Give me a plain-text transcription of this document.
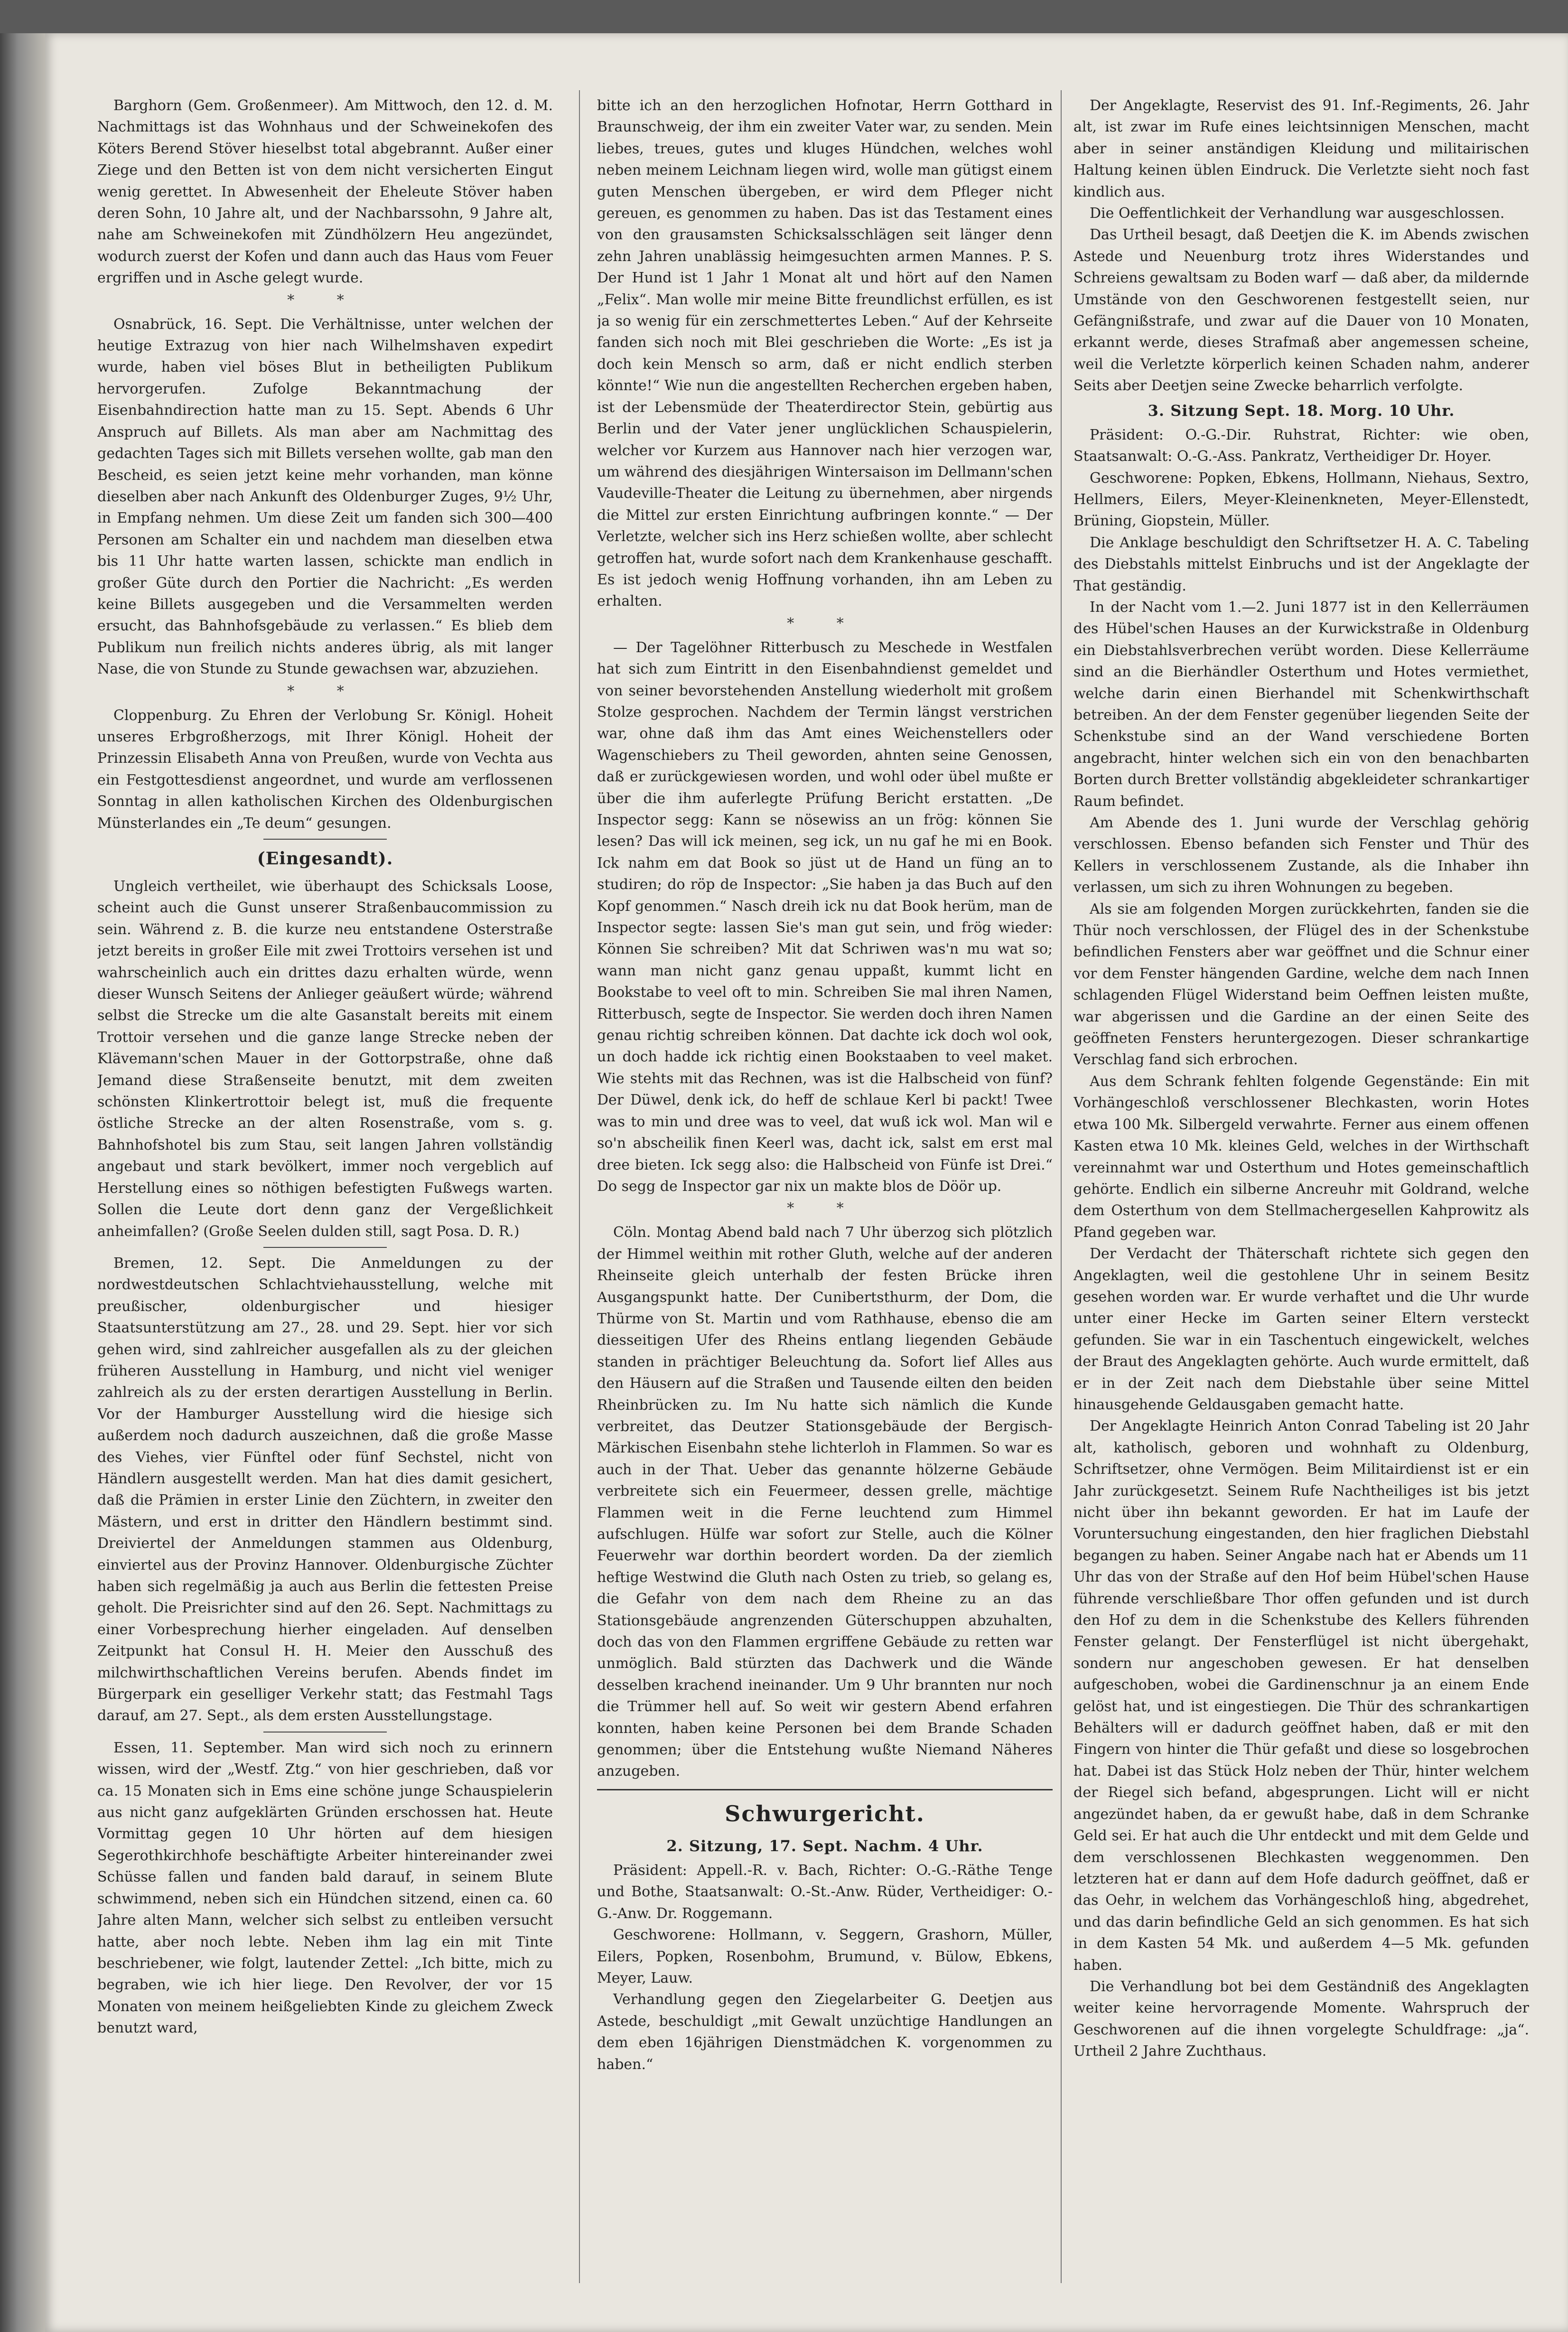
Barghorn (Gem. Großenmeer). Am Mittwoch, den 12. d. M. Nachmittags ist das Wohnhaus und der Schweinekofen des Köters Berend Stöver hieselbst total abgebrannt. Außer einer Ziege und den Betten ist von dem nicht versicherten Eingut wenig gerettet. In Abwesenheit der Eheleute Stöver haben deren Sohn, 10 Jahre alt, und der Nachbarssohn, 9 Jahre alt, nahe am Schweinekofen mit Zündhölzern Heu angezündet, wodurch zuerst der Kofen und dann auch das Haus vom Feuer ergriffen und in Asche gelegt wurde.

* *

Osnabrück, 16. Sept. Die Verhältnisse, unter welchen der heutige Extrazug von hier nach Wilhelmshaven expedirt wurde, haben viel böses Blut in betheiligten Publikum hervorgerufen. Zufolge Bekanntmachung der Eisenbahndirection hatte man zu 15. Sept. Abends 6 Uhr Anspruch auf Billets. Als man aber am Nachmittag des gedachten Tages sich mit Billets versehen wollte, gab man den Bescheid, es seien jetzt keine mehr vorhanden, man könne dieselben aber nach Ankunft des Oldenburger Zuges, 9½ Uhr, in Empfang nehmen. Um diese Zeit um fanden sich 300—400 Personen am Schalter ein und nachdem man dieselben etwa bis 11 Uhr hatte warten lassen, schickte man endlich in großer Güte durch den Portier die Nachricht: „Es werden keine Billets ausgegeben und die Versammelten werden ersucht, das Bahnhofsgebäude zu verlassen.“ Es blieb dem Publikum nun freilich nichts anderes übrig, als mit langer Nase, die von Stunde zu Stunde gewachsen war, abzuziehen.

* *

Cloppenburg. Zu Ehren der Verlobung Sr. Königl. Hoheit unseres Erbgroßherzogs, mit Ihrer Königl. Hoheit der Prinzessin Elisabeth Anna von Preußen, wurde von Vechta aus ein Festgottesdienst angeordnet, und wurde am verflossenen Sonntag in allen katholischen Kirchen des Oldenburgischen Münsterlandes ein „Te deum“ gesungen.

(Eingesandt).

Ungleich vertheilet, wie überhaupt des Schicksals Loose, scheint auch die Gunst unserer Straßenbaucommission zu sein. Während z. B. die kurze neu entstandene Osterstraße jetzt bereits in großer Eile mit zwei Trottoirs versehen ist und wahrscheinlich auch ein drittes dazu erhalten würde, wenn dieser Wunsch Seitens der Anlieger geäußert würde; während selbst die Strecke um die alte Gasanstalt bereits mit einem Trottoir versehen und die ganze lange Strecke neben der Klävemann'schen Mauer in der Gottorpstraße, ohne daß Jemand diese Straßenseite benutzt, mit dem zweiten schönsten Klinkertrottoir belegt ist, muß die frequente östliche Strecke an der alten Rosenstraße, vom s. g. Bahnhofshotel bis zum Stau, seit langen Jahren vollständig angebaut und stark bevölkert, immer noch vergeblich auf Herstellung eines so nöthigen befestigten Fußwegs warten. Sollen die Leute dort denn ganz der Vergeßlichkeit anheimfallen? (Große Seelen dulden still, sagt Posa. D. R.)

Bremen, 12. Sept. Die Anmeldungen zu der nordwestdeutschen Schlachtviehausstellung, welche mit preußischer, oldenburgischer und hiesiger Staatsunterstützung am 27., 28. und 29. Sept. hier vor sich gehen wird, sind zahlreicher ausgefallen als zu der gleichen früheren Ausstellung in Hamburg, und nicht viel weniger zahlreich als zu der ersten derartigen Ausstellung in Berlin. Vor der Hamburger Ausstellung wird die hiesige sich außerdem noch dadurch auszeichnen, daß die große Masse des Viehes, vier Fünftel oder fünf Sechstel, nicht von Händlern ausgestellt werden. Man hat dies damit gesichert, daß die Prämien in erster Linie den Züchtern, in zweiter den Mästern, und erst in dritter den Händlern bestimmt sind. Dreiviertel der Anmeldungen stammen aus Oldenburg, einviertel aus der Provinz Hannover. Oldenburgische Züchter haben sich regelmäßig ja auch aus Berlin die fettesten Preise geholt. Die Preisrichter sind auf den 26. Sept. Nachmittags zu einer Vorbesprechung hierher eingeladen. Auf denselben Zeitpunkt hat Consul H. H. Meier den Ausschuß des milchwirthschaftlichen Vereins berufen. Abends findet im Bürgerpark ein geselliger Verkehr statt; das Festmahl Tags darauf, am 27. Sept., als dem ersten Ausstellungstage.

Essen, 11. September. Man wird sich noch zu erinnern wissen, wird der „Westf. Ztg.“ von hier geschrieben, daß vor ca. 15 Monaten sich in Ems eine schöne junge Schauspielerin aus nicht ganz aufgeklärten Gründen erschossen hat. Heute Vormittag gegen 10 Uhr hörten auf dem hiesigen Segerothkirchhofe beschäftigte Arbeiter hintereinander zwei Schüsse fallen und fanden bald darauf, in seinem Blute schwimmend, neben sich ein Hündchen sitzend, einen ca. 60 Jahre alten Mann, welcher sich selbst zu entleiben versucht hatte, aber noch lebte. Neben ihm lag ein mit Tinte beschriebener, wie folgt, lautender Zettel: „Ich bitte, mich zu begraben, wie ich hier liege. Den Revolver, der vor 15 Monaten von meinem heißgeliebten Kinde zu gleichem Zweck benutzt ward,

bitte ich an den herzoglichen Hofnotar, Herrn Gotthard in Braunschweig, der ihm ein zweiter Vater war, zu senden. Mein liebes, treues, gutes und kluges Hündchen, welches wohl neben meinem Leichnam liegen wird, wolle man gütigst einem guten Menschen übergeben, er wird dem Pfleger nicht gereuen, es genommen zu haben. Das ist das Testament eines von den grausamsten Schicksalsschlägen seit länger denn zehn Jahren unablässig heimgesuchten armen Mannes. P. S. Der Hund ist 1 Jahr 1 Monat alt und hört auf den Namen „Felix“. Man wolle mir meine Bitte freundlichst erfüllen, es ist ja so wenig für ein zerschmettertes Leben.“ Auf der Kehrseite fanden sich noch mit Blei geschrieben die Worte: „Es ist ja doch kein Mensch so arm, daß er nicht endlich sterben könnte!“ Wie nun die angestellten Recherchen ergeben haben, ist der Lebensmüde der Theaterdirector Stein, gebürtig aus Berlin und der Vater jener unglücklichen Schauspielerin, welcher vor Kurzem aus Hannover nach hier verzogen war, um während des diesjährigen Wintersaison im Dellmann'schen Vaudeville-Theater die Leitung zu übernehmen, aber nirgends die Mittel zur ersten Einrichtung aufbringen konnte.“ — Der Verletzte, welcher sich ins Herz schießen wollte, aber schlecht getroffen hat, wurde sofort nach dem Krankenhause geschafft. Es ist jedoch wenig Hoffnung vorhanden, ihn am Leben zu erhalten.

* *

— Der Tagelöhner Ritterbusch zu Meschede in Westfalen hat sich zum Eintritt in den Eisenbahndienst gemeldet und von seiner bevorstehenden Anstellung wiederholt mit großem Stolze gesprochen. Nachdem der Termin längst verstrichen war, ohne daß ihm das Amt eines Weichenstellers oder Wagenschiebers zu Theil geworden, ahnten seine Genossen, daß er zurückgewiesen worden, und wohl oder übel mußte er über die ihm auferlegte Prüfung Bericht erstatten. „De Inspector segg: Kann se nösewiss an un frög: können Sie lesen? Das will ick meinen, seg ick, un nu gaf he mi en Book. Ick nahm em dat Book so jüst ut de Hand un füng an to studiren; do röp de Inspector: „Sie haben ja das Buch auf den Kopf genommen.“ Nasch dreih ick nu dat Book herüm, man de Inspector segte: lassen Sie's man gut sein, und frög wieder: Können Sie schreiben? Mit dat Schriwen was'n mu wat so; wann man nicht ganz genau uppaßt, kummt licht en Bookstabe to veel oft to min. Schreiben Sie mal ihren Namen, Ritterbusch, segte de Inspector. Sie werden doch ihren Namen genau richtig schreiben können. Dat dachte ick doch wol ook, un doch hadde ick richtig einen Bookstaaben to veel maket. Wie stehts mit das Rechnen, was ist die Halbscheid von fünf? Der Düwel, denk ick, do heff de schlaue Kerl bi packt! Twee was to min und dree was to veel, dat wuß ick wol. Man wil e so'n abscheilik finen Keerl was, dacht ick, salst em erst mal dree bieten. Ick segg also: die Halbscheid von Fünfe ist Drei.“ Do segg de Inspector gar nix un makte blos de Döör up.

* *

Cöln. Montag Abend bald nach 7 Uhr überzog sich plötzlich der Himmel weithin mit rother Gluth, welche auf der anderen Rheinseite gleich unterhalb der festen Brücke ihren Ausgangspunkt hatte. Der Cunibertsthurm, der Dom, die Thürme von St. Martin und vom Rathhause, ebenso die am diesseitigen Ufer des Rheins entlang liegenden Gebäude standen in prächtiger Beleuchtung da. Sofort lief Alles aus den Häusern auf die Straßen und Tausende eilten den beiden Rheinbrücken zu. Im Nu hatte sich nämlich die Kunde verbreitet, das Deutzer Stationsgebäude der Bergisch-Märkischen Eisenbahn stehe lichterloh in Flammen. So war es auch in der That. Ueber das genannte hölzerne Gebäude verbreitete sich ein Feuermeer, dessen grelle, mächtige Flammen weit in die Ferne leuchtend zum Himmel aufschlugen. Hülfe war sofort zur Stelle, auch die Kölner Feuerwehr war dorthin beordert worden. Da der ziemlich heftige Westwind die Gluth nach Osten zu trieb, so gelang es, die Gefahr von dem nach dem Rheine zu an das Stationsgebäude angrenzenden Güterschuppen abzuhalten, doch das von den Flammen ergriffene Gebäude zu retten war unmöglich. Bald stürzten das Dachwerk und die Wände desselben krachend ineinander. Um 9 Uhr brannten nur noch die Trümmer hell auf. So weit wir gestern Abend erfahren konnten, haben keine Personen bei dem Brande Schaden genommen; über die Entstehung wußte Niemand Näheres anzugeben.

Schwurgericht.
2. Sitzung, 17. Sept. Nachm. 4 Uhr.

Präsident: Appell.-R. v. Bach, Richter: O.-G.-Räthe Tenge und Bothe, Staatsanwalt: O.-St.-Anw. Rüder, Vertheidiger: O.-G.-Anw. Dr. Roggemann.

Geschworene: Hollmann, v. Seggern, Grashorn, Müller, Eilers, Popken, Rosenbohm, Brumund, v. Bülow, Ebkens, Meyer, Lauw.

Verhandlung gegen den Ziegelarbeiter G. Deetjen aus Astede, beschuldigt „mit Gewalt unzüchtige Handlungen an dem eben 16jährigen Dienstmädchen K. vorgenommen zu haben.“

Der Angeklagte, Reservist des 91. Inf.-Regiments, 26. Jahr alt, ist zwar im Rufe eines leichtsinnigen Menschen, macht aber in seiner anständigen Kleidung und militairischen Haltung keinen üblen Eindruck. Die Verletzte sieht noch fast kindlich aus.

Die Oeffentlichkeit der Verhandlung war ausgeschlossen.

Das Urtheil besagt, daß Deetjen die K. im Abends zwischen Astede und Neuenburg trotz ihres Widerstandes und Schreiens gewaltsam zu Boden warf — daß aber, da mildernde Umstände von den Geschworenen festgestellt seien, nur Gefängnißstrafe, und zwar auf die Dauer von 10 Monaten, erkannt werde, dieses Strafmaß aber angemessen scheine, weil die Verletzte körperlich keinen Schaden nahm, anderer Seits aber Deetjen seine Zwecke beharrlich verfolgte.

3. Sitzung Sept. 18. Morg. 10 Uhr.

Präsident: O.-G.-Dir. Ruhstrat, Richter: wie oben, Staatsanwalt: O.-G.-Ass. Pankratz, Vertheidiger Dr. Hoyer.

Geschworene: Popken, Ebkens, Hollmann, Niehaus, Sextro, Hellmers, Eilers, Meyer-Kleinenkneten, Meyer-Ellenstedt, Brüning, Giopstein, Müller.

Die Anklage beschuldigt den Schriftsetzer H. A. C. Tabeling des Diebstahls mittelst Einbruchs und ist der Angeklagte der That geständig.

In der Nacht vom 1.—2. Juni 1877 ist in den Kellerräumen des Hübel'schen Hauses an der Kurwickstraße in Oldenburg ein Diebstahlsverbrechen verübt worden. Diese Kellerräume sind an die Bierhändler Osterthum und Hotes vermiethet, welche darin einen Bierhandel mit Schenkwirthschaft betreiben. An der dem Fenster gegenüber liegenden Seite der Schenkstube sind an der Wand verschiedene Borten angebracht, hinter welchen sich ein von den benachbarten Borten durch Bretter vollständig abgekleideter schrankartiger Raum befindet.

Am Abende des 1. Juni wurde der Verschlag gehörig verschlossen. Ebenso befanden sich Fenster und Thür des Kellers in verschlossenem Zustande, als die Inhaber ihn verlassen, um sich zu ihren Wohnungen zu begeben.

Als sie am folgenden Morgen zurückkehrten, fanden sie die Thür noch verschlossen, der Flügel des in der Schenkstube befindlichen Fensters aber war geöffnet und die Schnur einer vor dem Fenster hängenden Gardine, welche dem nach Innen schlagenden Flügel Widerstand beim Oeffnen leisten mußte, war abgerissen und die Gardine an der einen Seite des geöffneten Fensters heruntergezogen. Dieser schrankartige Verschlag fand sich erbrochen.

Aus dem Schrank fehlten folgende Gegenstände: Ein mit Vorhängeschloß verschlossener Blechkasten, worin Hotes etwa 100 Mk. Silbergeld verwahrte. Ferner aus einem offenen Kasten etwa 10 Mk. kleines Geld, welches in der Wirthschaft vereinnahmt war und Osterthum und Hotes gemeinschaftlich gehörte. Endlich ein silberne Ancreuhr mit Goldrand, welche dem Osterthum von dem Stellmachergesellen Kahprowitz als Pfand gegeben war.

Der Verdacht der Thäterschaft richtete sich gegen den Angeklagten, weil die gestohlene Uhr in seinem Besitz gesehen worden war. Er wurde verhaftet und die Uhr wurde unter einer Hecke im Garten seiner Eltern versteckt gefunden. Sie war in ein Taschentuch eingewickelt, welches der Braut des Angeklagten gehörte. Auch wurde ermittelt, daß er in der Zeit nach dem Diebstahle über seine Mittel hinausgehende Geldausgaben gemacht hatte.

Der Angeklagte Heinrich Anton Conrad Tabeling ist 20 Jahr alt, katholisch, geboren und wohnhaft zu Oldenburg, Schriftsetzer, ohne Vermögen. Beim Militairdienst ist er ein Jahr zurückgesetzt. Seinem Rufe Nachtheiliges ist bis jetzt nicht über ihn bekannt geworden. Er hat im Laufe der Voruntersuchung eingestanden, den hier fraglichen Diebstahl begangen zu haben. Seiner Angabe nach hat er Abends um 11 Uhr das von der Straße auf den Hof beim Hübel'schen Hause führende verschließbare Thor offen gefunden und ist durch den Hof zu dem in die Schenkstube des Kellers führenden Fenster gelangt. Der Fensterflügel ist nicht übergehakt, sondern nur angeschoben gewesen. Er hat denselben aufgeschoben, wobei die Gardinenschnur ja an einem Ende gelöst hat, und ist eingestiegen. Die Thür des schrankartigen Behälters will er dadurch geöffnet haben, daß er mit den Fingern von hinter die Thür gefaßt und diese so losgebrochen hat. Dabei ist das Stück Holz neben der Thür, hinter welchem der Riegel sich befand, abgesprungen. Licht will er nicht angezündet haben, da er gewußt habe, daß in dem Schranke Geld sei. Er hat auch die Uhr entdeckt und mit dem Gelde und dem verschlossenen Blechkasten weggenommen. Den letzteren hat er dann auf dem Hofe dadurch geöffnet, daß er das Oehr, in welchem das Vorhängeschloß hing, abgedrehet, und das darin befindliche Geld an sich genommen. Es hat sich in dem Kasten 54 Mk. und außerdem 4—5 Mk. gefunden haben.

Die Verhandlung bot bei dem Geständniß des Angeklagten weiter keine hervorragende Momente. Wahrspruch der Geschworenen auf die ihnen vorgelegte Schuldfrage: „ja“. Urtheil 2 Jahre Zuchthaus.
